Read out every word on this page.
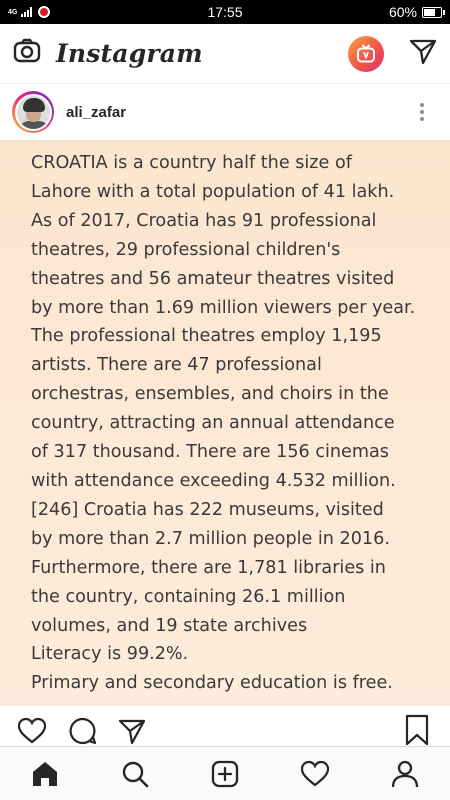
4G	17:55	60%
Instagram
ali_zafar
CROATIA is a country half the size of
Lahore with a total population of 41 lakh.
As of 2017, Croatia has 91 professional
theatres, 29 professional children's
theatres and 56 amateur theatres visited
by more than 1.69 million viewers per year.
The professional theatres employ 1,195
artists. There are 47 professional
orchestras, ensembles, and choirs in the
country, attracting an annual attendance
of 317 thousand. There are 156 cinemas
with attendance exceeding 4.532 million.
[246] Croatia has 222 museums, visited
by more than 2.7 million people in 2016.
Furthermore, there are 1,781 libraries in
the country, containing 26.1 million
volumes, and 19 state archives
Literacy is 99.2%.
Primary and secondary education is free.
